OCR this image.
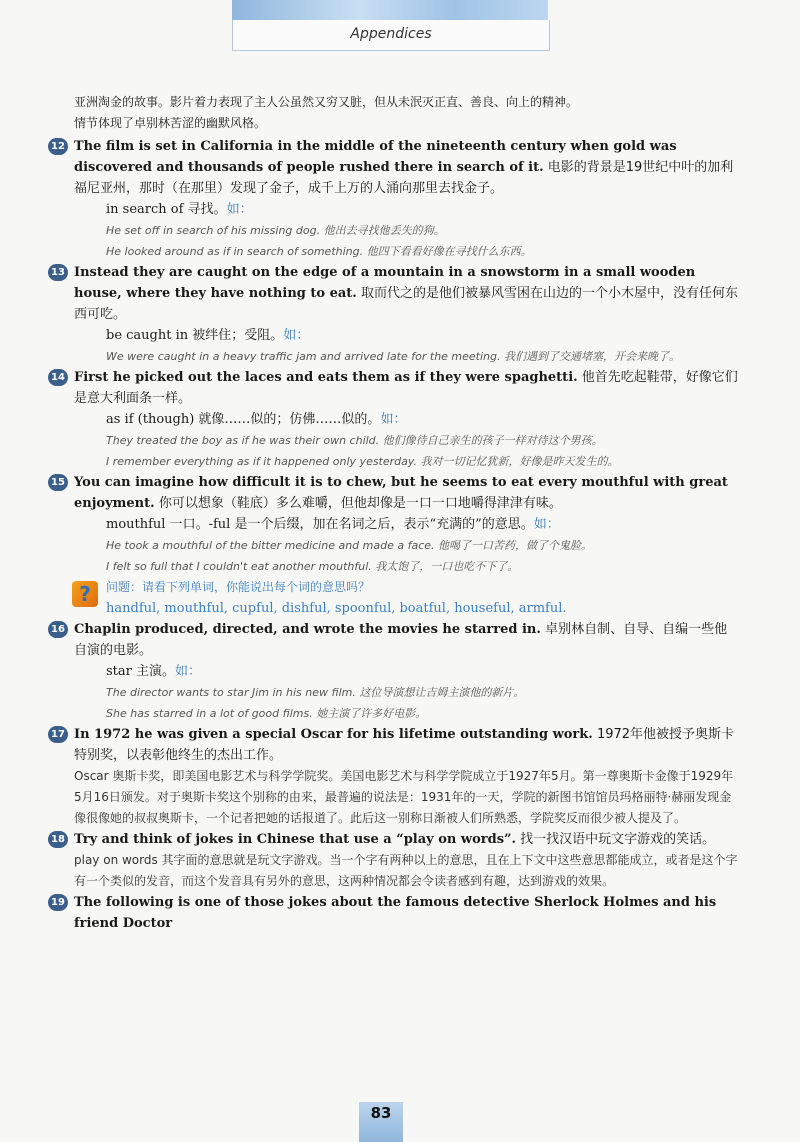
Appendices

亚洲淘金的故事。影片着力表现了主人公虽然又穷又脏，但从未泯灭正直、善良、向上的精神。

情节体现了卓别林苦涩的幽默风格。

12 The film is set in California in the middle of the nineteenth century when gold was discovered and thousands of people rushed there in search of it. 电影的背景是19世纪中叶的加利福尼亚州，那时（在那里）发现了金子，成千上万的人涌向那里去找金子。
in search of 寻找。如：
He set off in search of his missing dog. 他出去寻找他丢失的狗。
He looked around as if in search of something. 他四下看看好像在寻找什么东西。
13 Instead they are caught on the edge of a mountain in a snowstorm in a small wooden house, where they have nothing to eat. 取而代之的是他们被暴风雪困在山边的一个小木屋中，没有任何东西可吃。
be caught in 被绊住；受阻。如：
We were caught in a heavy traffic jam and arrived late for the meeting. 我们遇到了交通堵塞，开会来晚了。
14 First he picked out the laces and eats them as if they were spaghetti. 他首先吃起鞋带，好像它们是意大利面条一样。
as if (though) 就像……似的；仿佛……似的。如：
They treated the boy as if he was their own child. 他们像待自己亲生的孩子一样对待这个男孩。
I remember everything as if it happened only yesterday. 我对一切记忆犹新，好像是昨天发生的。
15 You can imagine how difficult it is to chew, but he seems to eat every mouthful with great enjoyment. 你可以想象（鞋底）多么难嚼，但他却像是一口一口地嚼得津津有味。
mouthful 一口。-ful 是一个后缀，加在名词之后，表示“充满的”的意思。如：
He took a mouthful of the bitter medicine and made a face. 他喝了一口苦药，做了个鬼脸。
I felt so full that I couldn't eat another mouthful. 我太饱了，一口也吃不下了。
?	问题：请看下列单词，你能说出每个词的意思吗？
handful, mouthful, cupful, dishful, spoonful, boatful, houseful, armful.
16 Chaplin produced, directed, and wrote the movies he starred in. 卓别林自制、自导、自编一些他自演的电影。
star 主演。如：
The director wants to star Jim in his new film. 这位导演想让吉姆主演他的新片。
She has starred in a lot of good films. 她主演了许多好电影。
17 In 1972 he was given a special Oscar for his lifetime outstanding work. 1972年他被授予奥斯卡特别奖，以表彰他终生的杰出工作。
Oscar 奥斯卡奖，即美国电影艺术与科学学院奖。美国电影艺术与科学学院成立于1927年5月。第一尊奥斯卡金像于1929年5月16日颁发。对于奥斯卡奖这个别称的由来，最普遍的说法是：1931年的一天，学院的新图书馆馆员玛格丽特·赫丽发现金像很像她的叔叔奥斯卡，一个记者把她的话报道了。此后这一别称日渐被人们所熟悉，学院奖反而很少被人提及了。
18 Try and think of jokes in Chinese that use a “play on words”. 找一找汉语中玩文字游戏的笑话。
play on words 其字面的意思就是玩文字游戏。当一个字有两种以上的意思，且在上下文中这些意思都能成立，或者是这个字有一个类似的发音，而这个发音具有另外的意思，这两种情况都会令读者感到有趣，达到游戏的效果。
19 The following is one of those jokes about the famous detective Sherlock Holmes and his friend Doctor
83
